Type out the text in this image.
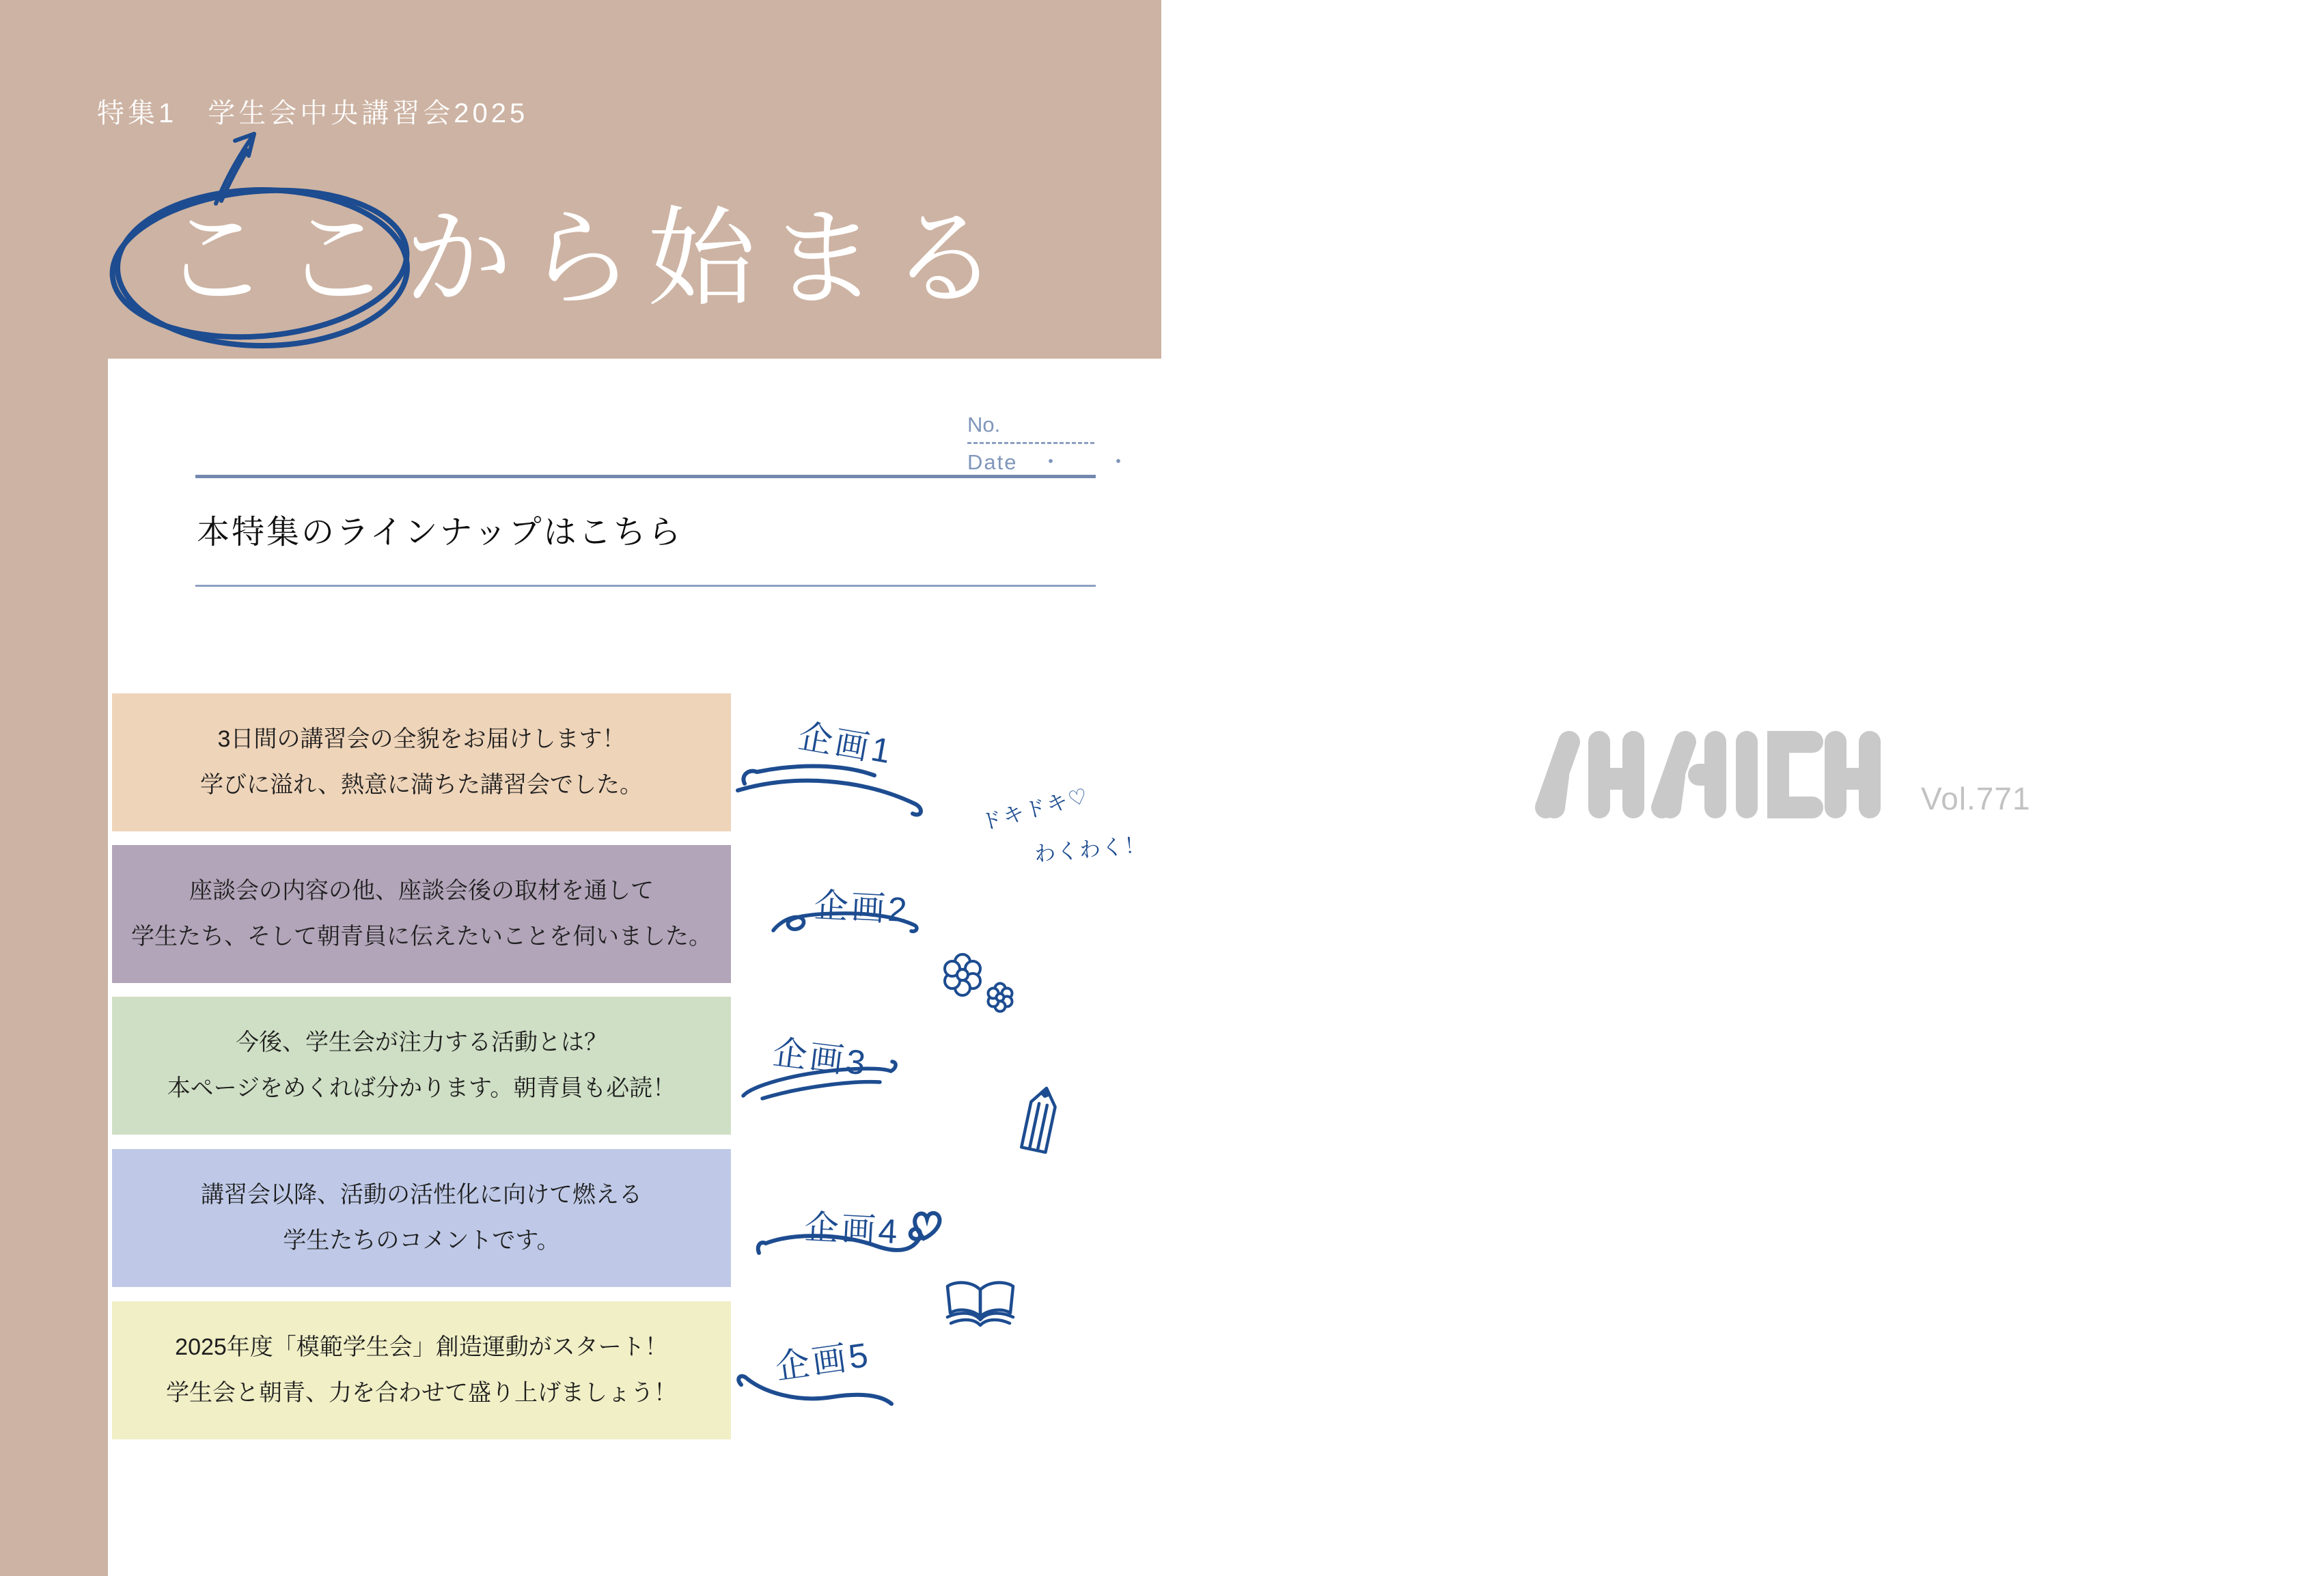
特集1　学生会中央講習会2025
ここから始まる
No.
Date　 ・　　・
本特集のラインナップはこちら
3日間の講習会の全貌をお届けします！
学びに溢れ、熱意に満ちた講習会でした。
座談会の内容の他、座談会後の取材を通して
学生たち、そして朝青員に伝えたいことを伺いました。
今後、学生会が注力する活動とは？
本ページをめくれば分かります。朝青員も必読！
講習会以降、活動の活性化に向けて燃える
学生たちのコメントです。
2025年度「模範学生会」創造運動がスタート！
学生会と朝青、力を合わせて盛り上げましょう！
企画1
企画2
企画3
企画4
企画5
ドキドキ♡
わくわく！
Vol.771
